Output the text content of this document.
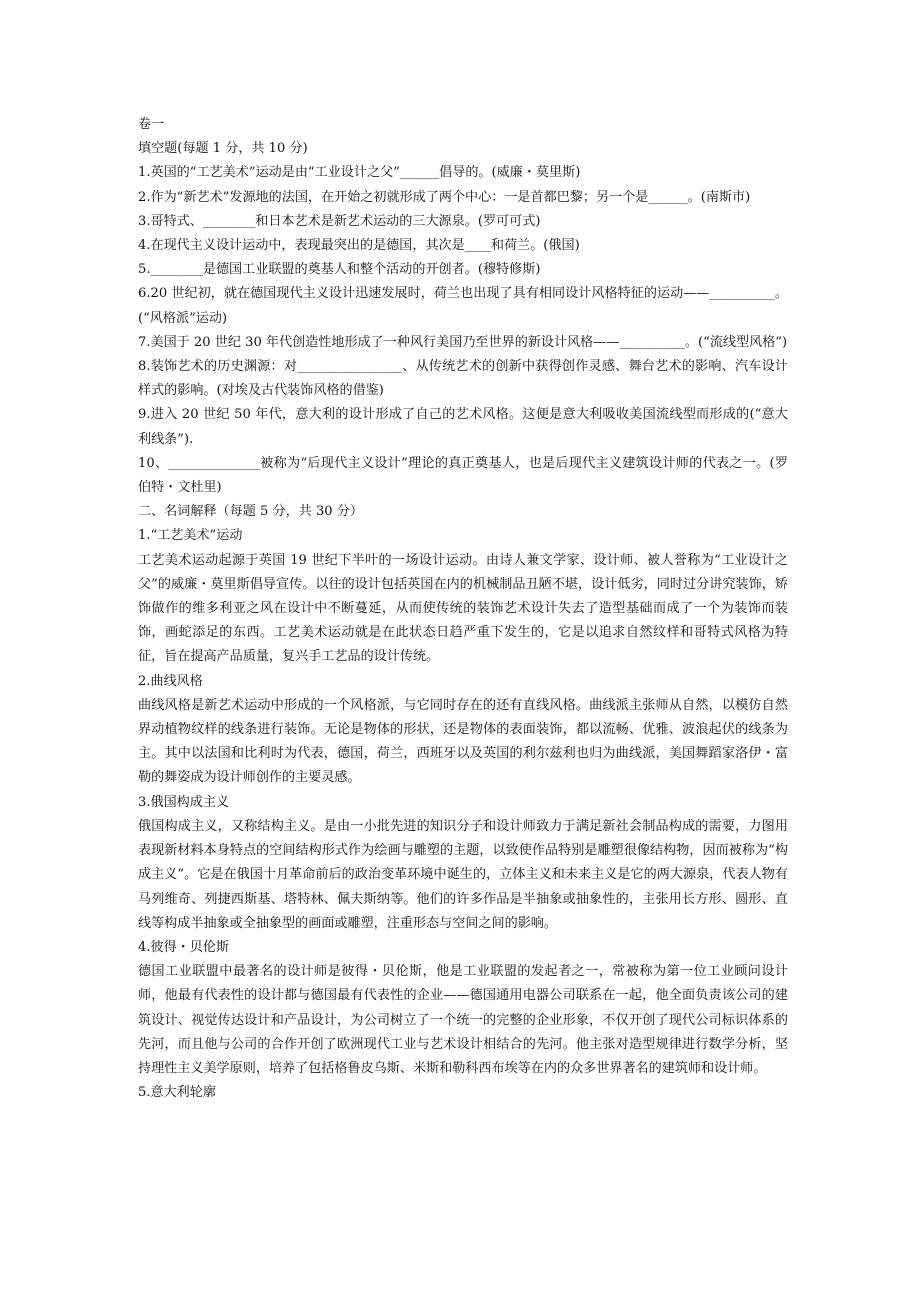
卷一
填空题(每题 1 分，共 10 分)
1.英国的“工艺美术”运动是由“工业设计之父”______倡导的。(威廉・莫里斯)
2.作为“新艺术”发源地的法国，在开始之初就形成了两个中心：一是首都巴黎；另一个是______。(南斯市)
3.哥特式、________和日本艺术是新艺术运动的三大源泉。(罗可可式)
4.在现代主义设计运动中，表现最突出的是德国，其次是____和荷兰。(俄国)
5.________是德国工业联盟的奠基人和整个活动的开创者。(穆特修斯)
6.20 世纪初，就在德国现代主义设计迅速发展时，荷兰也出现了具有相同设计风格特征的运动——__________。(“风格派”运动)
7.美国于 20 世纪 30 年代创造性地形成了一种风行美国乃至世界的新设计风格——__________。(“流线型风格”)
8.装饰艺术的历史渊源：对________________、从传统艺术的创新中获得创作灵感、舞台艺术的影响、汽车设计样式的影响。(对埃及古代装饰风格的借鉴)
9.进入 20 世纪 50 年代，意大利的设计形成了自己的艺术风格。这便是意大利吸收美国流线型而形成的(“意大利线条”).
10、______________被称为“后现代主义设计”理论的真正奠基人，也是后现代主义建筑设计师的代表之一。(罗伯特・文杜里)
二、名词解释（每题 5 分，共 30 分）
1.“工艺美术”运动
工艺美术运动起源于英国 19 世纪下半叶的一场设计运动。由诗人兼文学家、设计师、被人誉称为“工业设计之父”的威廉・莫里斯倡导宣传。以往的设计包括英国在内的机械制品丑陋不堪，设计低劣，同时过分讲究装饰，矫饰做作的维多利亚之风在设计中不断蔓延，从而使传统的装饰艺术设计失去了造型基础而成了一个为装饰而装饰，画蛇添足的东西。工艺美术运动就是在此状态日趋严重下发生的，它是以追求自然纹样和哥特式风格为特征，旨在提高产品质量，复兴手工艺品的设计传统。
2.曲线风格
曲线风格是新艺术运动中形成的一个风格派，与它同时存在的还有直线风格。曲线派主张师从自然，以模仿自然界动植物纹样的线条进行装饰。无论是物体的形状，还是物体的表面装饰，都以流畅、优雅、波浪起伏的线条为主。其中以法国和比利时为代表，德国，荷兰，西班牙以及英国的利尔兹利也归为曲线派，美国舞蹈家洛伊・富勒的舞姿成为设计师创作的主要灵感。
3.俄国构成主义
俄国构成主义，又称结构主义。是由一小批先进的知识分子和设计师致力于满足新社会制品构成的需要，力图用表现新材料本身特点的空间结构形式作为绘画与雕塑的主题，以致使作品特别是雕塑很像结构物，因而被称为“构成主义”。它是在俄国十月革命前后的政治变革环境中诞生的，立体主义和未来主义是它的两大源泉，代表人物有马列维奇、列捷西斯基、塔特林、佩夫斯纳等。他们的许多作品是半抽象或抽象性的，主张用长方形、圆形、直线等构成半抽象或全抽象型的画面或雕塑，注重形态与空间之间的影响。
4.彼得・贝伦斯
德国工业联盟中最著名的设计师是彼得・贝伦斯，他是工业联盟的发起者之一，常被称为第一位工业顾问设计师，他最有代表性的设计都与德国最有代表性的企业——德国通用电器公司联系在一起，他全面负责该公司的建筑设计、视觉传达设计和产品设计，为公司树立了一个统一的完整的企业形象，不仅开创了现代公司标识体系的先河，而且他与公司的合作开创了欧洲现代工业与艺术设计相结合的先河。他主张对造型规律进行数学分析，坚持理性主义美学原则，培养了包括格鲁皮乌斯、米斯和勒科西布埃等在内的众多世界著名的建筑师和设计师。
5.意大利轮廓
